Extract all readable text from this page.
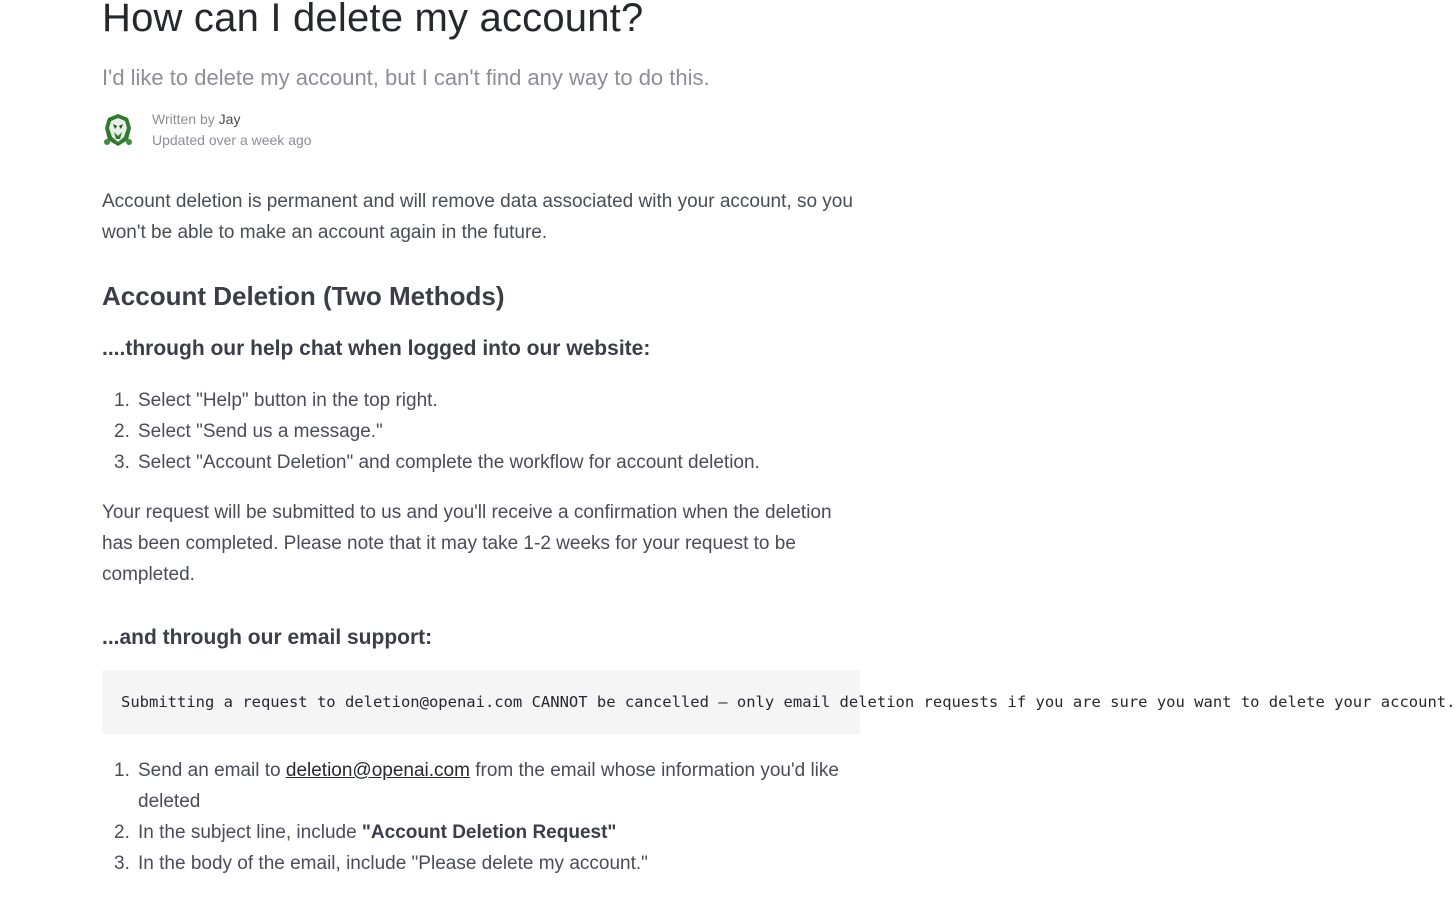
How can I delete my account?
I'd like to delete my account, but I can't find any way to do this.
Written by Jay
Updated over a week ago

Account deletion is permanent and will remove data associated with your account, so you won't be able to make an account again in the future.

Account Deletion (Two Methods)
....through our help chat when logged into our website:
1. Select "Help" button in the top right.
2. Select "Send us a message."
3. Select "Account Deletion" and complete the workflow for account deletion.

Your request will be submitted to us and you'll receive a confirmation when the deletion has been completed. Please note that it may take 1-2 weeks for your request to be completed.

...and through our email support:
Submitting a request to deletion@openai.com CANNOT be cancelled – only email deletion requests if you are sure you want to delete your account.
1. Send an email to deletion@openai.com from the email whose information you'd like deleted
2. In the subject line, include "Account Deletion Request"
3. In the body of the email, include "Please delete my account."
